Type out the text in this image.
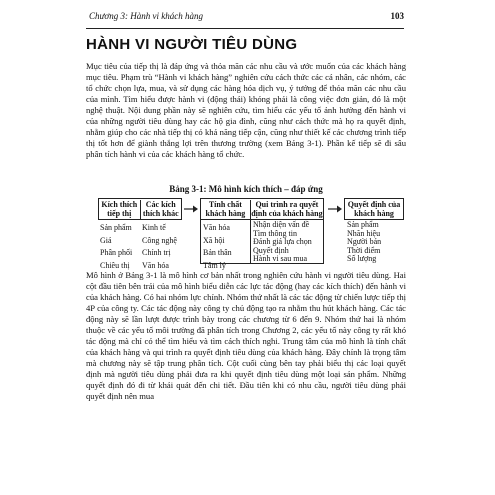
Chương 3: Hành vi khách hàng	103
HÀNH VI NGƯỜI TIÊU DÙNG

Mục tiêu của tiếp thị là đáp ứng và thỏa mãn các nhu cầu và ước muốn của các khách hàng mục tiêu. Phạm trù “Hành vi khách hàng” nghiên cứu cách thức các cá nhân, các nhóm, các tổ chức chọn lựa, mua, và sử dụng các hàng hóa dịch vụ, ý tưởng để thỏa mãn các nhu cầu của mình. Tìm hiểu được hành vi (động thái) khóng phải là công việc đơn giản, đó là một nghệ thuật. Nội dung phần này sẽ nghiên cứu, tìm hiểu các yếu tố ảnh hưởng đến hành vi của những người tiêu dùng hay các hộ gia đình, cũng như cách thức mà họ ra quyết định, nhằm giúp cho các nhà tiếp thị có khả năng tiếp cận, cũng như thiết kế các chương trình tiếp thị tốt hơn để giành thắng lợi trên thương trường (xem Bảng 3-1). Phần kế tiếp sẽ đi sâu phân tích hành vi của các khách hàng tổ chức.

Bảng 3-1: Mô hình kích thích – đáp ứng
Kích thích tiếp thị
Các kích thích khác
Sản phẩm
Giá
Phân phối
Chiêu thị
Kinh tế
Công nghệ
Chính trị
Văn hóa
Tính chất khách hàng
Qui trình ra quyết định của khách hàng
Văn hóa
Xã hội
Bản thân
Tâm lý
Nhận diện vấn đề
Tìm thông tin
Đánh giá lựa chọn
Quyết định
Hành vi sau mua
Quyết định của khách hàng
Sản phẩm
Nhãn hiệu
Người bán
Thời điểm
Số lượng

Mô hình ở Bảng 3-1 là mô hình cơ bản nhất trong nghiên cứu hành vi người tiêu dùng. Hai cột đầu tiên bên trái của mô hình biểu diễn các lực tác động (hay các kích thích) đến hành vi của khách hàng. Có hai nhóm lực chính. Nhóm thứ nhất là các tác động từ chiến lược tiếp thị 4P của công ty. Các tác động này công ty chủ động tạo ra nhằm thu hút khách hàng. Các tác động này sẽ lần lượt được trình bày trong các chương từ 6 đến 9. Nhóm thứ hai là nhóm thuộc về các yếu tố môi trường đã phân tích trong Chương 2, các yếu tố này công ty rất khó tác động mà chỉ có thể tìm hiểu và tìm cách thích nghi. Trung tâm của mô hình là tính chất của khách hàng và qui trình ra quyết định tiêu dùng của khách hàng. Đây chính là trọng tâm mà chương này sẽ tập trung phân tích. Cột cuối cùng bên tay phải biểu thị các loại quyết định mà người tiêu dùng phải đưa ra khi quyết định tiêu dùng một loại sản phẩm. Những quyết định đó đi từ khái quát đến chi tiết. Đầu tiên khi có nhu cầu, người tiêu dùng phải quyết định nên mua
